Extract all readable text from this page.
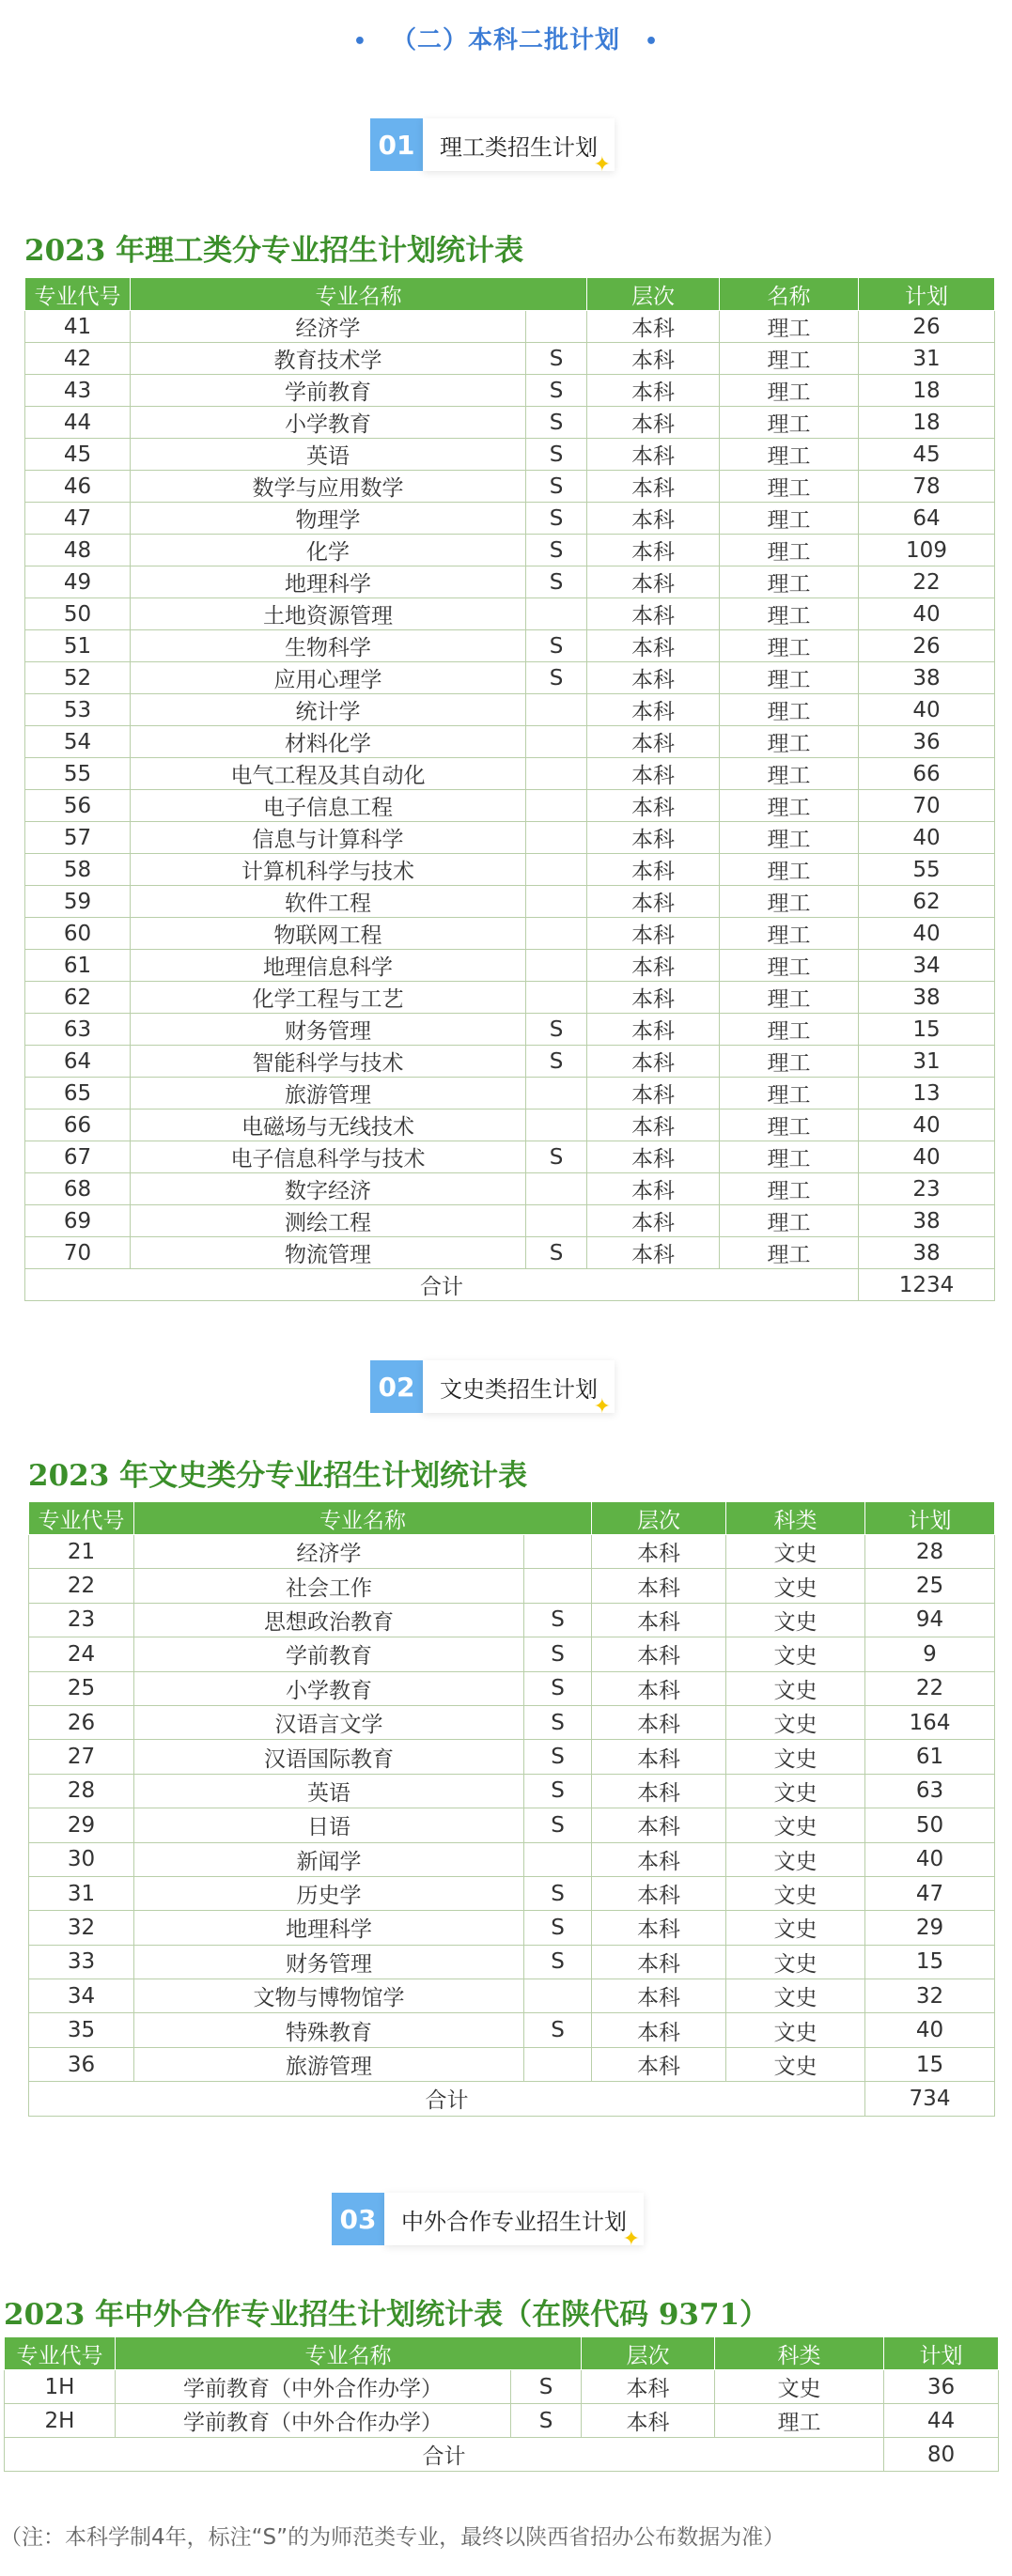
• （二）本科二批计划 •
01	理工类招生计划
✦
2023 年理工类分专业招生计划统计表
专业代号	专业名称		层次	名称	计划
41	经济学		本科	理工	26
42	教育技术学	S	本科	理工	31
43	学前教育	S	本科	理工	18
44	小学教育	S	本科	理工	18
45	英语	S	本科	理工	45
46	数学与应用数学	S	本科	理工	78
47	物理学	S	本科	理工	64
48	化学	S	本科	理工	109
49	地理科学	S	本科	理工	22
50	土地资源管理		本科	理工	40
51	生物科学	S	本科	理工	26
52	应用心理学	S	本科	理工	38
53	统计学		本科	理工	40
54	材料化学		本科	理工	36
55	电气工程及其自动化		本科	理工	66
56	电子信息工程		本科	理工	70
57	信息与计算科学		本科	理工	40
58	计算机科学与技术		本科	理工	55
59	软件工程		本科	理工	62
60	物联网工程		本科	理工	40
61	地理信息科学		本科	理工	34
62	化学工程与工艺		本科	理工	38
63	财务管理	S	本科	理工	15
64	智能科学与技术	S	本科	理工	31
65	旅游管理		本科	理工	13
66	电磁场与无线技术		本科	理工	40
67	电子信息科学与技术	S	本科	理工	40
68	数字经济		本科	理工	23
69	测绘工程		本科	理工	38
70	物流管理	S	本科	理工	38
合计					1234
02	文史类招生计划
✦
2023 年文史类分专业招生计划统计表
专业代号	专业名称		层次	科类	计划
21	经济学		本科	文史	28
22	社会工作		本科	文史	25
23	思想政治教育	S	本科	文史	94
24	学前教育	S	本科	文史	9
25	小学教育	S	本科	文史	22
26	汉语言文学	S	本科	文史	164
27	汉语国际教育	S	本科	文史	61
28	英语	S	本科	文史	63
29	日语	S	本科	文史	50
30	新闻学		本科	文史	40
31	历史学	S	本科	文史	47
32	地理科学	S	本科	文史	29
33	财务管理	S	本科	文史	15
34	文物与博物馆学		本科	文史	32
35	特殊教育	S	本科	文史	40
36	旅游管理		本科	文史	15
合计					734
03	中外合作专业招生计划
✦
2023 年中外合作专业招生计划统计表（在陕代码 9371）
专业代号	专业名称		层次	科类	计划
1H	学前教育（中外合作办学）	S	本科	文史	36
2H	学前教育（中外合作办学）	S	本科	理工	44
合计					80
（注：本科学制4年，标注“S”的为师范类专业，最终以陕西省招办公布数据为准）
